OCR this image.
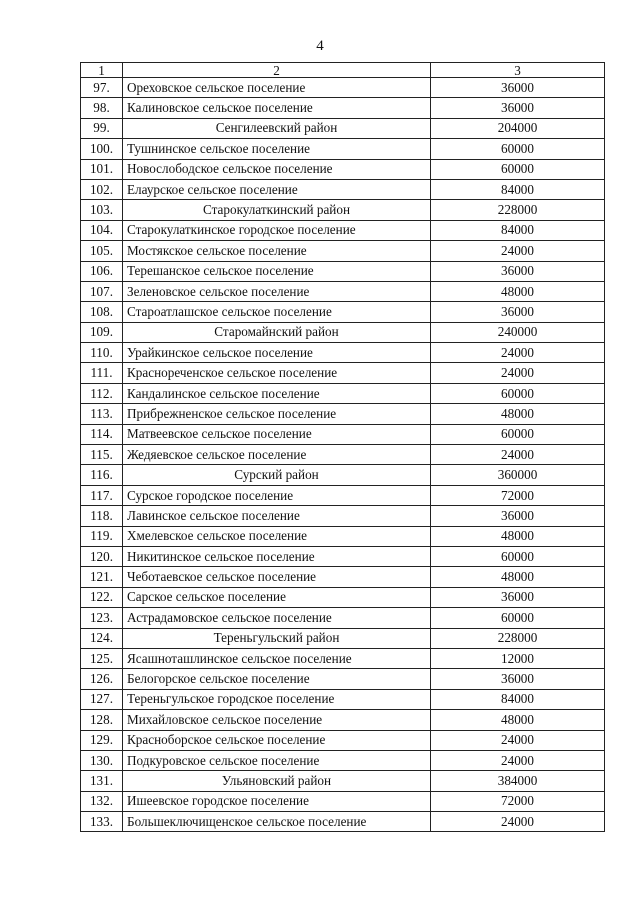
4
1	2	3
97.	Ореховское сельское поселение	36000
98.	Калиновское сельское поселение	36000
99.	Сенгилеевский район	204000
100.	Тушнинское сельское поселение	60000
101.	Новослободское сельское поселение	60000
102.	Елаурское сельское поселение	84000
103.	Старокулаткинский район	228000
104.	Старокулаткинское городское поселение	84000
105.	Мостякское сельское поселение	24000
106.	Терешанское сельское поселение	36000
107.	Зеленовское сельское поселение	48000
108.	Староатлашское сельское поселение	36000
109.	Старомайнский район	240000
110.	Урайкинское сельское поселение	24000
111.	Краснореченское сельское поселение	24000
112.	Кандалинское сельское поселение	60000
113.	Прибрежненское сельское поселение	48000
114.	Матвеевское сельское поселение	60000
115.	Жедяевское сельское поселение	24000
116.	Сурский район	360000
117.	Сурское городское поселение	72000
118.	Лавинское сельское поселение	36000
119.	Хмелевское сельское поселение	48000
120.	Никитинское сельское поселение	60000
121.	Чеботаевское сельское поселение	48000
122.	Сарское сельское поселение	36000
123.	Астрадамовское сельское поселение	60000
124.	Тереньгульский район	228000
125.	Ясашноташлинское сельское поселение	12000
126.	Белогорское сельское поселение	36000
127.	Тереньгульское городское поселение	84000
128.	Михайловское сельское поселение	48000
129.	Красноборское сельское поселение	24000
130.	Подкуровское сельское поселение	24000
131.	Ульяновский район	384000
132.	Ишеевское городское поселение	72000
133.	Большеключищенское сельское поселение	24000
